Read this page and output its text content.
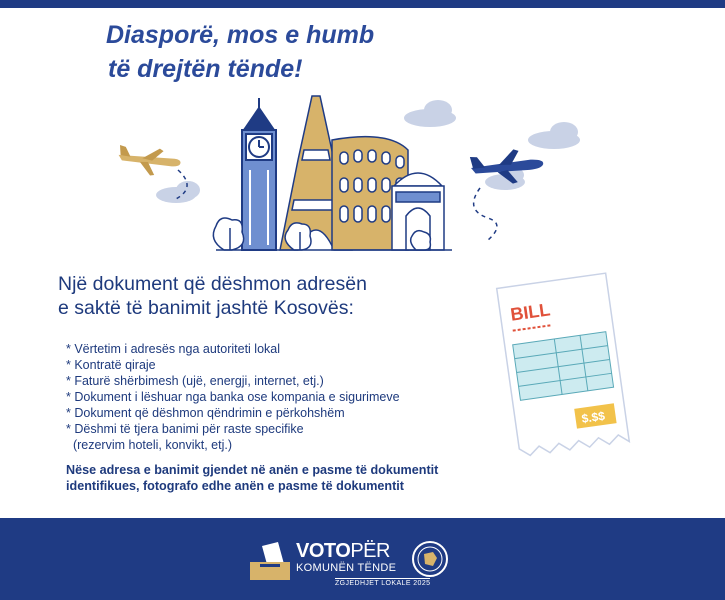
Diasporë, mos e humb
të drejtën tënde!
Një dokument që dëshmon adresën
e saktë të banimit jashtë Kosovës:
* Vërtetim i adresës nga autoriteti lokal
* Kontratë qiraje
* Faturë shërbimesh (ujë, energji, internet, etj.)
* Dokument i lëshuar nga banka ose kompania e sigurimeve
* Dokument që dëshmon qëndrimin e përkohshëm
* Dëshmi të tjera banimi për raste specifike
(rezervim hoteli, konvikt, etj.)
Nëse adresa e banimit gjendet në anën e pasme të dokumentit
identifikues, fotografo edhe anën e pasme të dokumentit
BILL
$.$$
VOTOPËR
KOMUNËN TËNDE
ZGJEDHJET LOKALE 2025
